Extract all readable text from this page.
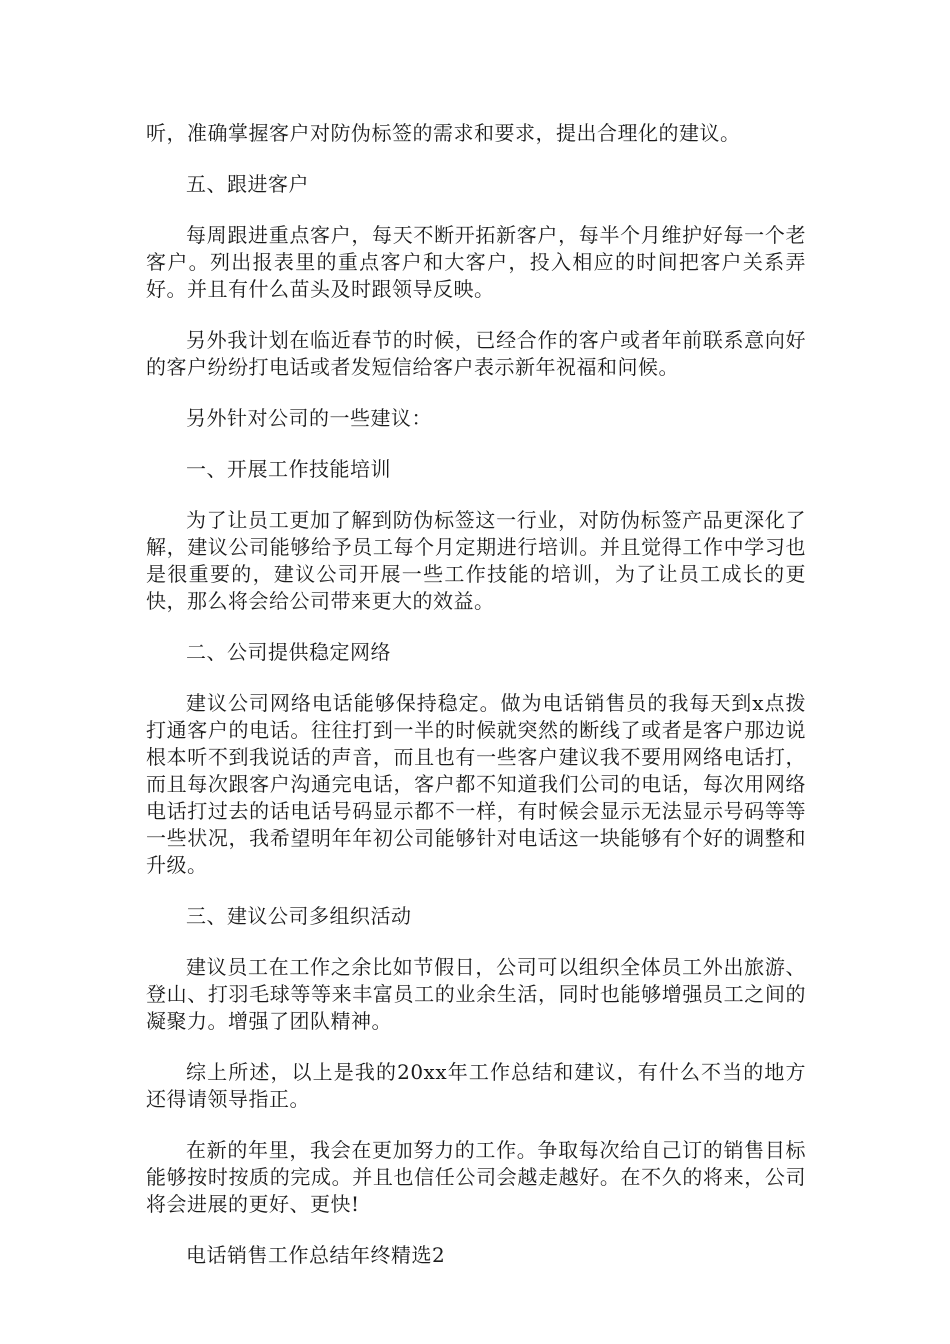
听，准确掌握客户对防伪标签的需求和要求，提出合理化的建议。

五、跟进客户

每周跟进重点客户，每天不断开拓新客户，每半个月维护好每一个老客户。列出报表里的重点客户和大客户，投入相应的时间把客户关系弄好。并且有什么苗头及时跟领导反映。

另外我计划在临近春节的时候，已经合作的客户或者年前联系意向好的客户纷纷打电话或者发短信给客户表示新年祝福和问候。

另外针对公司的一些建议：

一、开展工作技能培训

为了让员工更加了解到防伪标签这一行业，对防伪标签产品更深化了解，建议公司能够给予员工每个月定期进行培训。并且觉得工作中学习也是很重要的，建议公司开展一些工作技能的培训，为了让员工成长的更快，那么将会给公司带来更大的效益。

二、公司提供稳定网络

建议公司网络电话能够保持稳定。做为电话销售员的我每天到x点拨打通客户的电话。往往打到一半的时候就突然的断线了或者是客户那边说根本听不到我说话的声音，而且也有一些客户建议我不要用网络电话打，而且每次跟客户沟通完电话，客户都不知道我们公司的电话，每次用网络电话打过去的话电话号码显示都不一样，有时候会显示无法显示号码等等一些状况，我希望明年年初公司能够针对电话这一块能够有个好的调整和升级。

三、建议公司多组织活动

建议员工在工作之余比如节假日，公司可以组织全体员工外出旅游、登山、打羽毛球等等来丰富员工的业余生活，同时也能够增强员工之间的凝聚力。增强了团队精神。

综上所述，以上是我的20xx年工作总结和建议，有什么不当的地方还得请领导指正。

在新的年里，我会在更加努力的工作。争取每次给自己订的销售目标能够按时按质的完成。并且也信任公司会越走越好。在不久的将来，公司将会进展的更好、更快!

电话销售工作总结年终精选2
